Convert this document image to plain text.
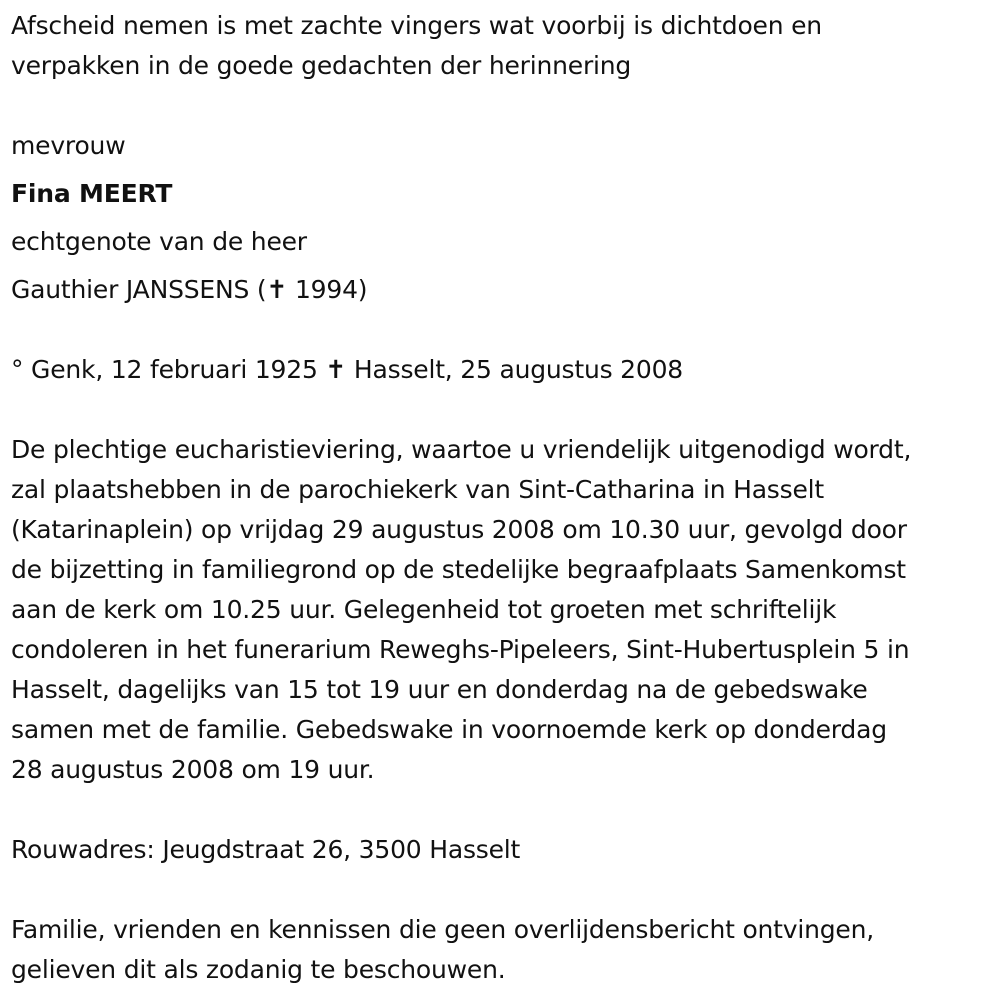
Afscheid nemen is met zachte vingers wat voorbij is dichtdoen en
verpakken in de goede gedachten der herinnering
mevrouw
Fina MEERT
echtgenote van de heer
Gauthier JANSSENS (✝ 1994)
° Genk, 12 februari 1925 ✝ Hasselt, 25 augustus 2008
De plechtige eucharistieviering, waartoe u vriendelijk uitgenodigd wordt,
zal plaatshebben in de parochiekerk van Sint-Catharina in Hasselt
(Katarinaplein) op vrijdag 29 augustus 2008 om 10.30 uur, gevolgd door
de bijzetting in familiegrond op de stedelijke begraafplaats Samenkomst
aan de kerk om 10.25 uur. Gelegenheid tot groeten met schriftelijk
condoleren in het funerarium Reweghs-Pipeleers, Sint-Hubertusplein 5 in
Hasselt, dagelijks van 15 tot 19 uur en donderdag na de gebedswake
samen met de familie. Gebedswake in voornoemde kerk op donderdag
28 augustus 2008 om 19 uur.
Rouwadres: Jeugdstraat 26, 3500 Hasselt
Familie, vrienden en kennissen die geen overlijdensbericht ontvingen,
gelieven dit als zodanig te beschouwen.
